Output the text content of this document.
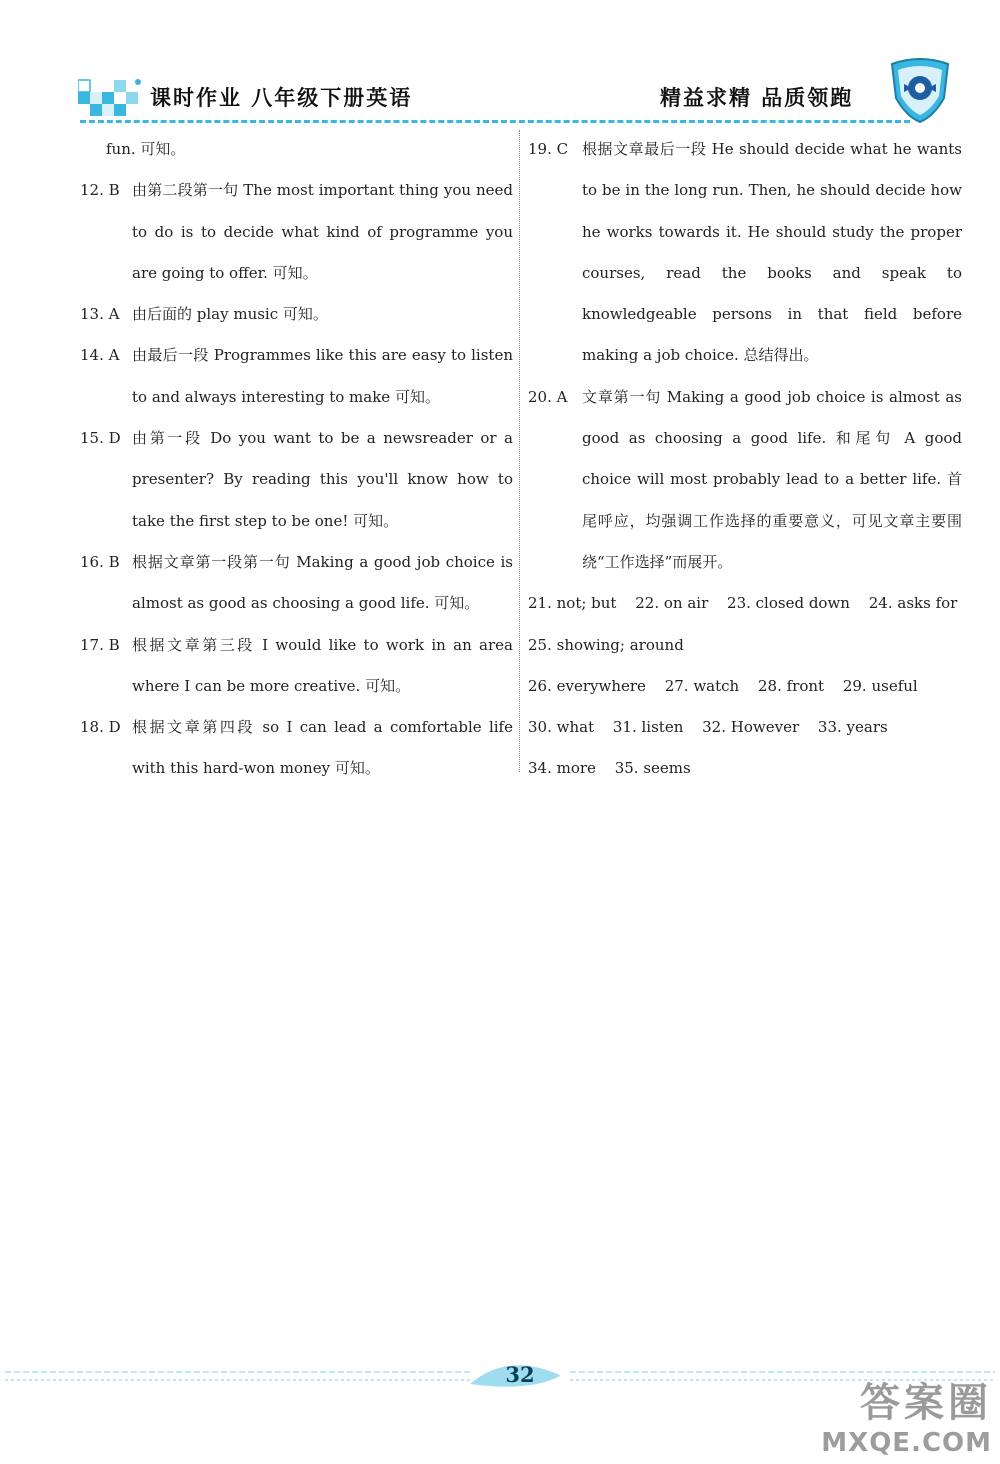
课时作业 八年级下册英语	精益求精 品质领跑
fun. 可知。
12. B 由第二段第一句 The most important thing you need to do is to decide what kind of programme you are going to offer. 可知。
13. A 由后面的 play music 可知。
14. A 由最后一段 Programmes like this are easy to listen to and always interesting to make 可知。
15. D 由第一段 Do you want to be a newsreader or a presenter? By reading this you'll know how to take the first step to be one! 可知。
16. B 根据文章第一段第一句 Making a good job choice is almost as good as choosing a good life. 可知。
17. B 根据文章第三段 I would like to work in an area where I can be more creative. 可知。
18. D 根据文章第四段 so I can lead a comfortable life with this hard-won money 可知。
19. C 根据文章最后一段 He should decide what he wants to be in the long run. Then, he should decide how he works towards it. He should study the proper courses, read the books and speak to knowledgeable persons in that field before making a job choice. 总结得出。
20. A 文章第一句 Making a good job choice is almost as good as choosing a good life. 和尾句 A good choice will most probably lead to a better life. 首尾呼应，均强调工作选择的重要意义，可见文章主要围绕“工作选择”而展开。
21. not; but 22. on air 23. closed down 24. asks for
25. showing; around
26. everywhere 27. watch 28. front 29. useful
30. what 31. listen 32. However 33. years
34. more 35. seems
32
答案圈
MXQE.COM
